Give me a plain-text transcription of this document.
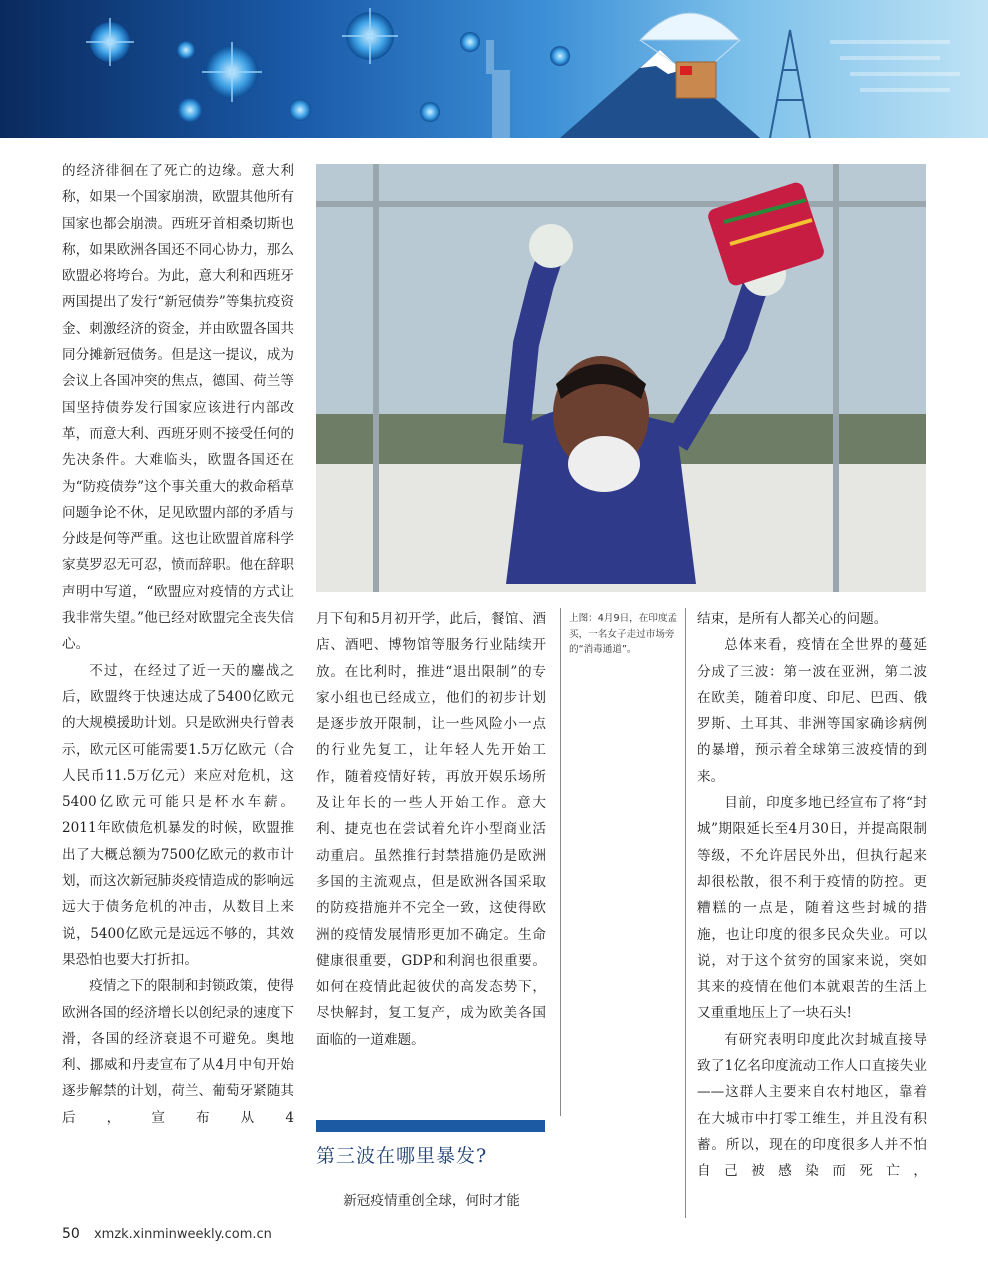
的经济徘徊在了死亡的边缘。意大利称，如果一个国家崩溃，欧盟其他所有国家也都会崩溃。西班牙首相桑切斯也称，如果欧洲各国还不同心协力，那么欧盟必将垮台。为此，意大利和西班牙两国提出了发行“新冠债券”等集抗疫资金、刺激经济的资金，并由欧盟各国共同分摊新冠债务。但是这一提议，成为会议上各国冲突的焦点，德国、荷兰等国坚持债券发行国家应该进行内部改革，而意大利、西班牙则不接受任何的先决条件。大难临头，欧盟各国还在为“防疫债券”这个事关重大的救命稻草问题争论不休，足见欧盟内部的矛盾与分歧是何等严重。这也让欧盟首席科学家莫罗忍无可忍，愤而辞职。他在辞职声明中写道，“欧盟应对疫情的方式让我非常失望。”他已经对欧盟完全丧失信心。

不过，在经过了近一天的鏖战之后，欧盟终于快速达成了5400亿欧元的大规模援助计划。只是欧洲央行曾表示，欧元区可能需要1.5万亿欧元（合人民币11.5万亿元）来应对危机，这5400亿欧元可能只是杯水车薪。2011年欧债危机暴发的时候，欧盟推出了大概总额为7500亿欧元的救市计划，而这次新冠肺炎疫情造成的影响远远大于债务危机的冲击，从数目上来说，5400亿欧元是远远不够的，其效果恐怕也要大打折扣。

疫情之下的限制和封锁政策，使得欧洲各国的经济增长以创纪录的速度下滑，各国的经济衰退不可避免。奥地利、挪威和丹麦宣布了从4月中旬开始逐步解禁的计划，荷兰、葡萄牙紧随其后，宣布从4

月下旬和5月初开学，此后，餐馆、酒店、酒吧、博物馆等服务行业陆续开放。在比利时，推进“退出限制”的专家小组也已经成立，他们的初步计划是逐步放开限制，让一些风险小一点的行业先复工，让年轻人先开始工作，随着疫情好转，再放开娱乐场所及让年长的一些人开始工作。意大利、捷克也在尝试着允许小型商业活动重启。虽然推行封禁措施仍是欧洲多国的主流观点，但是欧洲各国采取的防疫措施并不完全一致，这使得欧洲的疫情发展情形更加不确定。生命健康很重要，GDP和利润也很重要。如何在疫情此起彼伏的高发态势下，尽快解封，复工复产，成为欧美各国面临的一道难题。

上图：4月9日，在印度孟买，一名女子走过市场旁的“消毒通道”。
第三波在哪里暴发?
新冠疫情重创全球，何时才能

结束，是所有人都关心的问题。

总体来看，疫情在全世界的蔓延分成了三波：第一波在亚洲，第二波在欧美，随着印度、印尼、巴西、俄罗斯、土耳其、非洲等国家确诊病例的暴增，预示着全球第三波疫情的到来。

目前，印度多地已经宣布了将“封城”期限延长至4月30日，并提高限制等级，不允许居民外出，但执行起来却很松散，很不利于疫情的防控。更糟糕的一点是，随着这些封城的措施，也让印度的很多民众失业。可以说，对于这个贫穷的国家来说，突如其来的疫情在他们本就艰苦的生活上又重重地压上了一块石头!

有研究表明印度此次封城直接导致了1亿名印度流动工作人口直接失业——这群人主要来自农村地区，靠着在大城市中打零工维生，并且没有积蓄。所以，现在的印度很多人并不怕自己被感染而死亡，

50 xmzk.xinminweekly.com.cn
